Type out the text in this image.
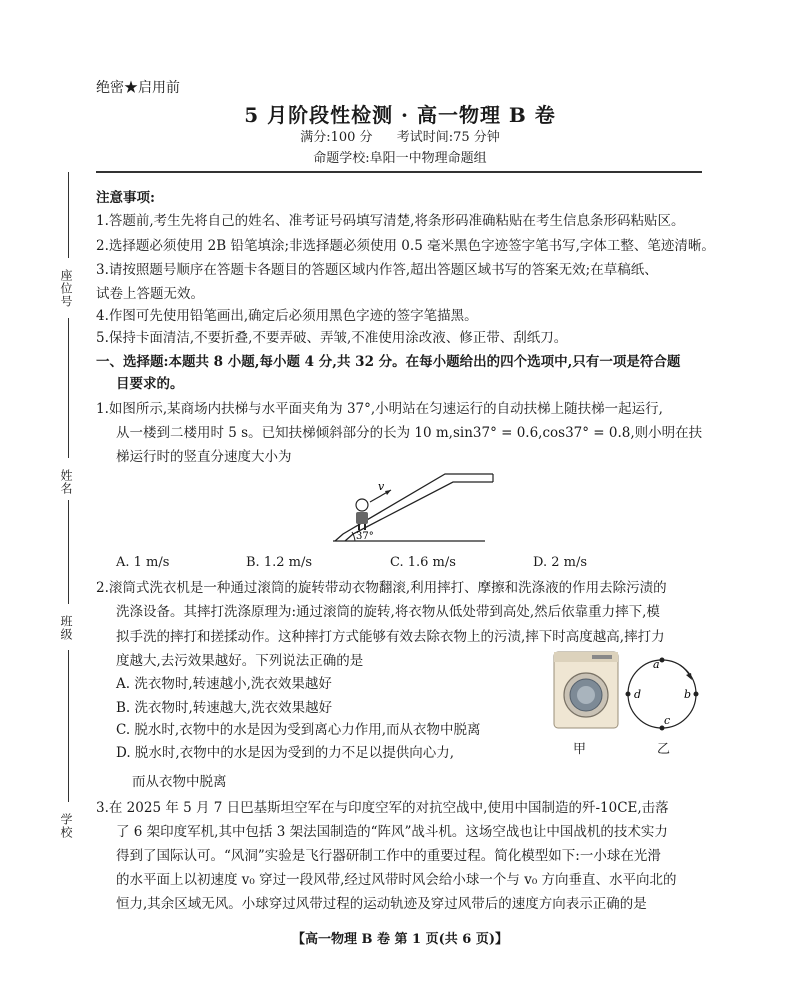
座位号
姓名
班级
学校
绝密★启用前
5 月阶段性检测 · 高一物理 B 卷
满分:100 分 考试时间:75 分钟
命题学校:阜阳一中物理命题组
注意事项:
1.答题前,考生先将自己的姓名、准考证号码填写清楚,将条形码准确粘贴在考生信息条形码粘贴区。
2.选择题必须使用 2B 铅笔填涂;非选择题必须使用 0.5 毫米黑色字迹签字笔书写,字体工整、笔迹清晰。
3.请按照题号顺序在答题卡各题目的答题区域内作答,超出答题区域书写的答案无效;在草稿纸、
试卷上答题无效。
4.作图可先使用铅笔画出,确定后必须用黑色字迹的签字笔描黑。
5.保持卡面清洁,不要折叠,不要弄破、弄皱,不准使用涂改液、修正带、刮纸刀。
一、选择题:本题共 8 小题,每小题 4 分,共 32 分。在每小题给出的四个选项中,只有一项是符合题
目要求的。
1.如图所示,某商场内扶梯与水平面夹角为 37°,小明站在匀速运行的自动扶梯上随扶梯一起运行,
从一楼到二楼用时 5 s。已知扶梯倾斜部分的长为 10 m,sin37° = 0.6,cos37° = 0.8,则小明在扶
梯运行时的竖直分速度大小为
v
37°
A. 1 m/s	B. 1.2 m/s	C. 1.6 m/s	D. 2 m/s
2.滚筒式洗衣机是一种通过滚筒的旋转带动衣物翻滚,利用摔打、摩擦和洗涤液的作用去除污渍的
洗涤设备。其摔打洗涤原理为:通过滚筒的旋转,将衣物从低处带到高处,然后依靠重力摔下,模
拟手洗的摔打和搓揉动作。这种摔打方式能够有效去除衣物上的污渍,摔下时高度越高,摔打力
度越大,去污效果越好。下列说法正确的是
A. 洗衣物时,转速越小,洗衣效果越好
B. 洗衣物时,转速越大,洗衣效果越好
C. 脱水时,衣物中的水是因为受到离心力作用,而从衣物中脱离
D. 脱水时,衣物中的水是因为受到的力不足以提供向心力,
而从衣物中脱离
甲
a
b
c
d
乙
3.在 2025 年 5 月 7 日巴基斯坦空军在与印度空军的对抗空战中,使用中国制造的歼-10CE,击落
了 6 架印度军机,其中包括 3 架法国制造的“阵风”战斗机。这场空战也让中国战机的技术实力
得到了国际认可。“风洞”实验是飞行器研制工作中的重要过程。简化模型如下:一小球在光滑
的水平面上以初速度 v₀ 穿过一段风带,经过风带时风会给小球一个与 v₀ 方向垂直、水平向北的
恒力,其余区域无风。小球穿过风带过程的运动轨迹及穿过风带后的速度方向表示正确的是
【高一物理 B 卷 第 1 页(共 6 页)】
